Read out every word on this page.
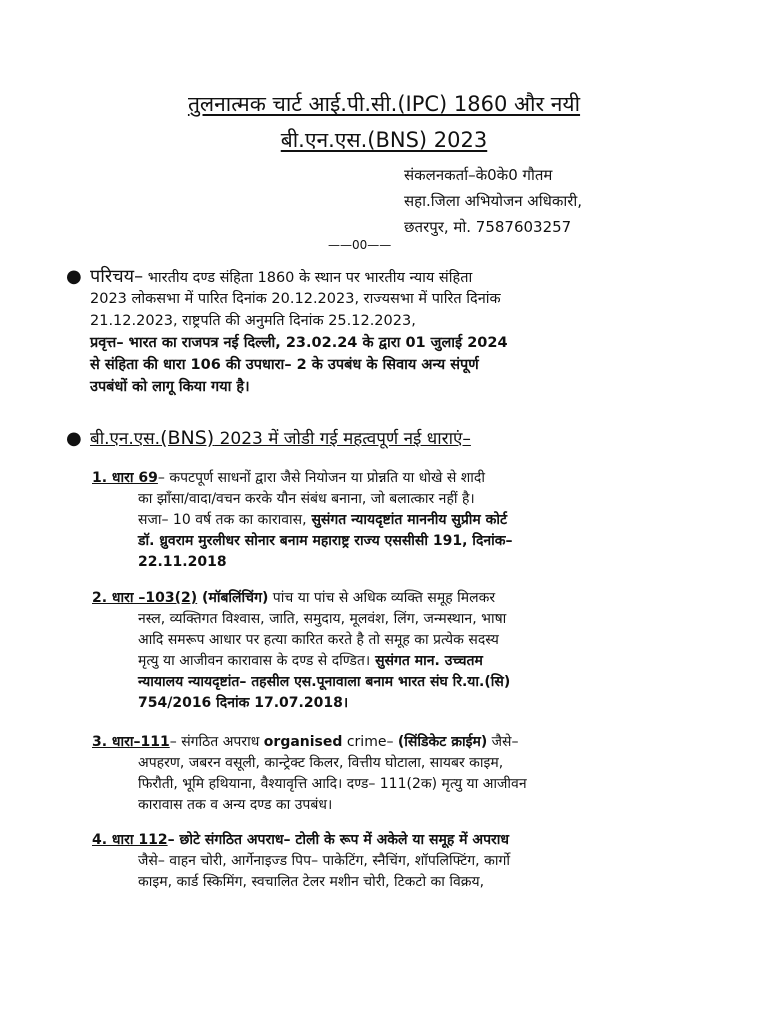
तुलनात्मक चार्ट आई.पी.सी.(IPC) 1860 और नयी
बी.एन.एस.(BNS) 2023
संकलनकर्ता–के0के0 गौतम
सहा.जिला अभियोजन अधिकारी,
छतरपुर, मो. 7587603257
——00——
● परिचय– भारतीय दण्ड संहिता 1860 के स्थान पर भारतीय न्याय संहिता
2023 लोकसभा में पारित दिनांक 20.12.2023, राज्यसभा में पारित दिनांक
21.12.2023, राष्ट्रपति की अनुमति दिनांक 25.12.2023,
प्रवृत्त– भारत का राजपत्र नई दिल्ली, 23.02.24 के द्वारा 01 जुलाई 2024
से संहिता की धारा 106 की उपधारा– 2 के उपबंध के सिवाय अन्य संपूर्ण
उपबंधों को लागू किया गया है।
● बी.एन.एस.(BNS) 2023 में जोडी गई महत्वपूर्ण नई धाराएं–
1. धारा 69– कपटपूर्ण साधनों द्वारा जैसे नियोजन या प्रोन्नति या धोखे से शादी
का झाँसा/वादा/वचन करके यौन संबंध बनाना, जो बलात्कार नहीं है।
सजा– 10 वर्ष तक का कारावास, सुसंगत न्यायदृष्टांत माननीय सुप्रीम कोर्ट
डॉ. ध्रुवराम मुरलीधर सोनार बनाम महाराष्ट्र राज्य एससीसी 191, दिनांक–
22.11.2018
2. धारा –103(2) (मॉबलिंचिंग) पांच या पांच से अधिक व्यक्ति समूह मिलकर
नस्ल, व्यक्तिगत विश्वास, जाति, समुदाय, मूलवंश, लिंग, जन्मस्थान, भाषा
आदि समरूप आधार पर हत्या कारित करते है तो समूह का प्रत्येक सदस्य
मृत्यु या आजीवन कारावास के दण्ड से दण्डित। सुसंगत मान. उच्चतम
न्यायालय न्यायदृष्टांत– तहसील एस.पूनावाला बनाम भारत संघ रि.या.(सि)
754/2016 दिनांक 17.07.2018।
3. धारा–111– संगठित अपराध organised crime– (सिंडिकेट क्राईम) जैसे–
अपहरण, जबरन वसूली, कान्ट्रेक्ट किलर, वित्तीय घोटाला, सायबर काइम,
फिरौती, भूमि हथियाना, वैश्यावृत्ति आदि। दण्ड– 111(2क) मृत्यु या आजीवन
कारावास तक व अन्य दण्ड का उपबंध।
4. धारा 112– छोटे संगठित अपराध– टोली के रूप में अकेले या समूह में अपराध
जैसे– वाहन चोरी, आर्गेनाइज्ड पिप– पाकेटिंग, स्नैचिंग, शॉपलिफ्टिंग, कार्गो
काइम, कार्ड स्किमिंग, स्वचालित टेलर मशीन चोरी, टिकटो का विक्रय,
